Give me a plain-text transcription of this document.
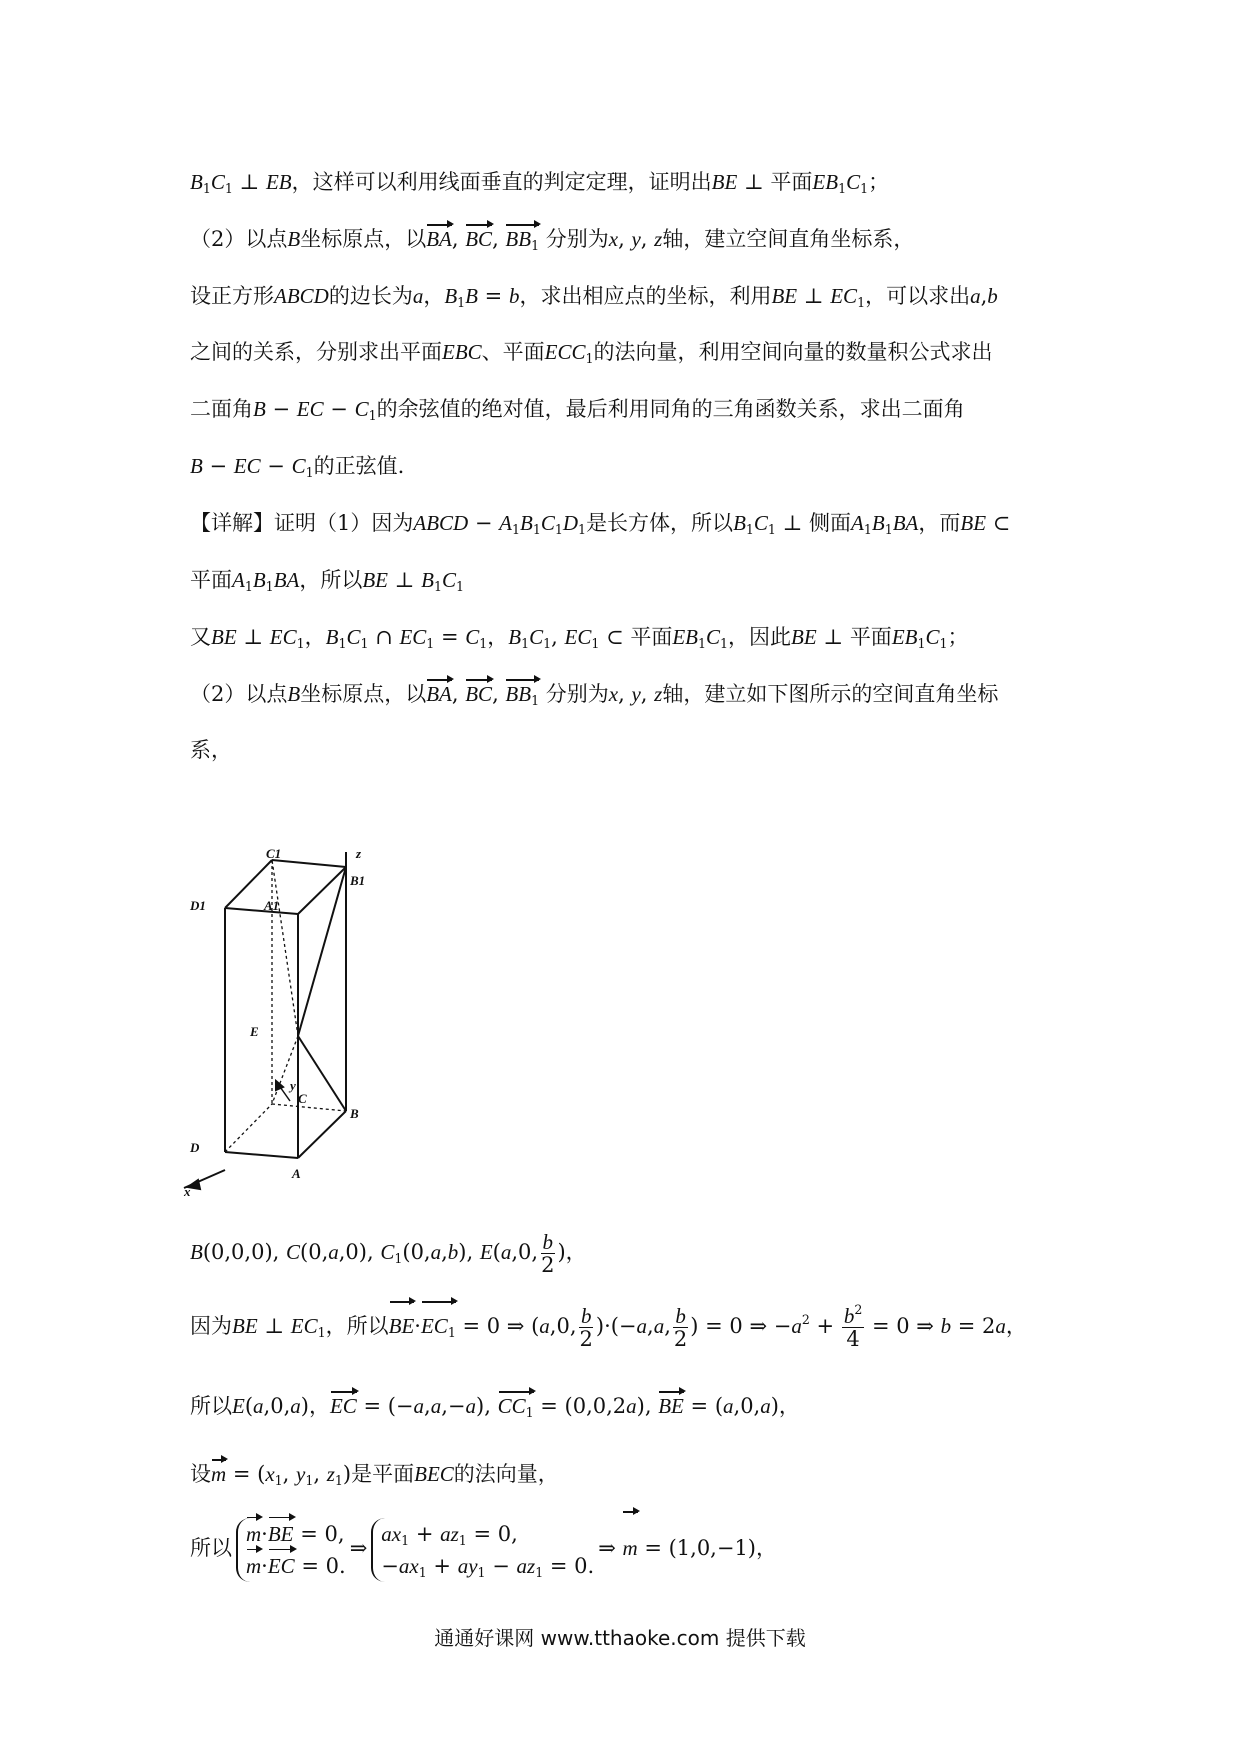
$B_1C_1$ ⊥ EB，这样可以利用线面垂直的判定定理，证明出BE ⊥ 平面$EB_1C_1$；
（2）以点B坐标原点，以BA, BC, $BB_1$ 分别为x, y, z轴，建立空间直角坐标系，
设正方形ABCD的边长为a，$B_1B = b$，求出相应点的坐标，利用BE ⊥ $EC_1$，可以求出a,b
之间的关系，分别求出平面EBC、平面$ECC_1$的法向量，利用空间向量的数量积公式求出
二面角B − EC − $C_1$的余弦值的绝对值，最后利用同角的三角函数关系，求出二面角
B − EC − $C_1$的正弦值.
【详解】证明（1）因为ABCD − $A_1B_1C_1D_1$是长方体，所以$B_1C_1$ ⊥ 侧面$A_1B_1BA$，而BE ⊂
平面$A_1B_1BA$，所以BE ⊥ $B_1C_1$
又BE ⊥ $EC_1$，$B_1C_1$ ∩ $EC_1 = C_1$，$B_1C_1$, $EC_1$ ⊂ 平面$EB_1C_1$，因此BE ⊥ 平面$EB_1C_1$；
（2）以点B坐标原点，以BA, BC, $BB_1$ 分别为x, y, z轴，建立如下图所示的空间直角坐标
系，
C1	z
D1
B1
A1
E
y
C
D
B
A
x
B(0,0,0), C(0,a,0), $C_1(0,a,b)$, E(a,0, $\frac{b}{2}$ )，
因为BE ⊥ $EC_1$，所以$BE\cdot EC_1 = 0$ ⇒ (a,0, $\frac{b}{2} )\cdot(-a,a$, $\frac{b}{2}$ ) = 0 ⇒ $-a^2 + \frac{b^2}{4} = 0$ ⇒ b = 2a，
所以E(a,0,a)，EC = (−a,a,−a), $CC_1 = (0,0,2a)$, BE = (a,0,a)，
设$m = (x_1$, $y_1$, $z_1$)是平面BEC的法向量，
所以
m·BE = 0,
m·EC = 0.
⇒
$ax_1 + az_1 = 0$,
$-ax_1 + ay_1 - az_1 = 0$.
⇒ m = (1,0,−1)，
通通好课网 www.tthaoke.com 提供下载
